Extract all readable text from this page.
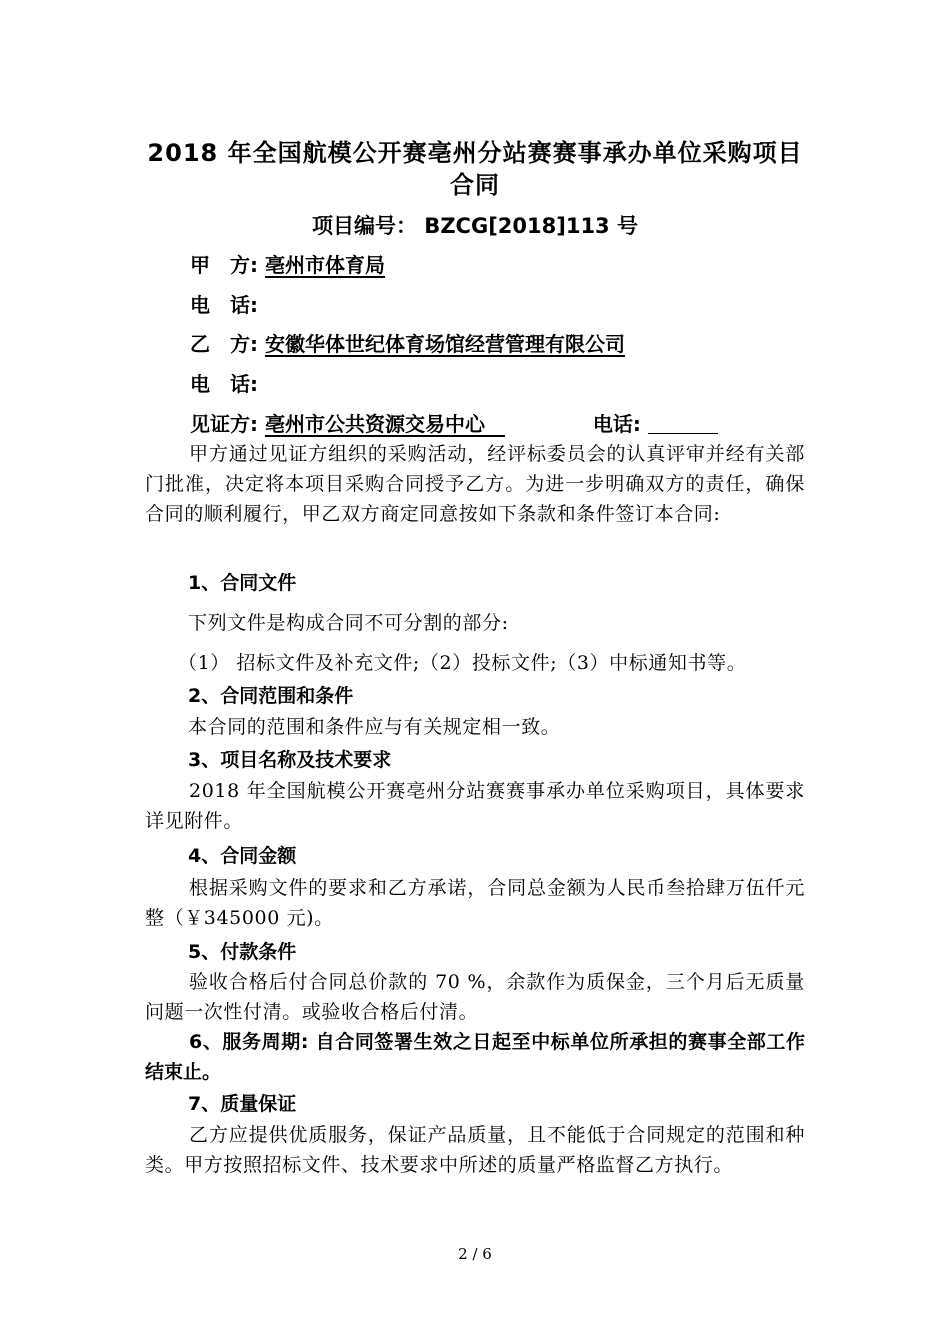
2018 年全国航模公开赛亳州分站赛赛事承办单位采购项目
合同
项目编号： BZCG[2018]113 号
甲　方: 亳州市体育局
电　话:
乙　方: 安徽华体世纪体育场馆经营管理有限公司
电　话:
见证方: 亳州市公共资源交易中心　	电话:
甲方通过见证方组织的采购活动，经评标委员会的认真评审并经有关部门批准，决定将本项目采购合同授予乙方。为进一步明确双方的责任，确保合同的顺利履行，甲乙双方商定同意按如下条款和条件签订本合同:
1、合同文件
下列文件是构成合同不可分割的部分:
（1） 招标文件及补充文件;（2）投标文件;（3）中标通知书等。
2、合同范围和条件
本合同的范围和条件应与有关规定相一致。
3、项目名称及技术要求
2018 年全国航模公开赛亳州分站赛赛事承办单位采购项目，具体要求详见附件。
4、合同金额
根据采购文件的要求和乙方承诺，合同总金额为人民币叁拾肆万伍仟元整（￥345000 元)。
5、付款条件
验收合格后付合同总价款的 70 %，余款作为质保金，三个月后无质量问题一次性付清。或验收合格后付清。
6、服务周期: 自合同签署生效之日起至中标单位所承担的赛事全部工作结束止。
7、质量保证
乙方应提供优质服务，保证产品质量，且不能低于合同规定的范围和种类。甲方按照招标文件、技术要求中所述的质量严格监督乙方执行。
2 / 6
